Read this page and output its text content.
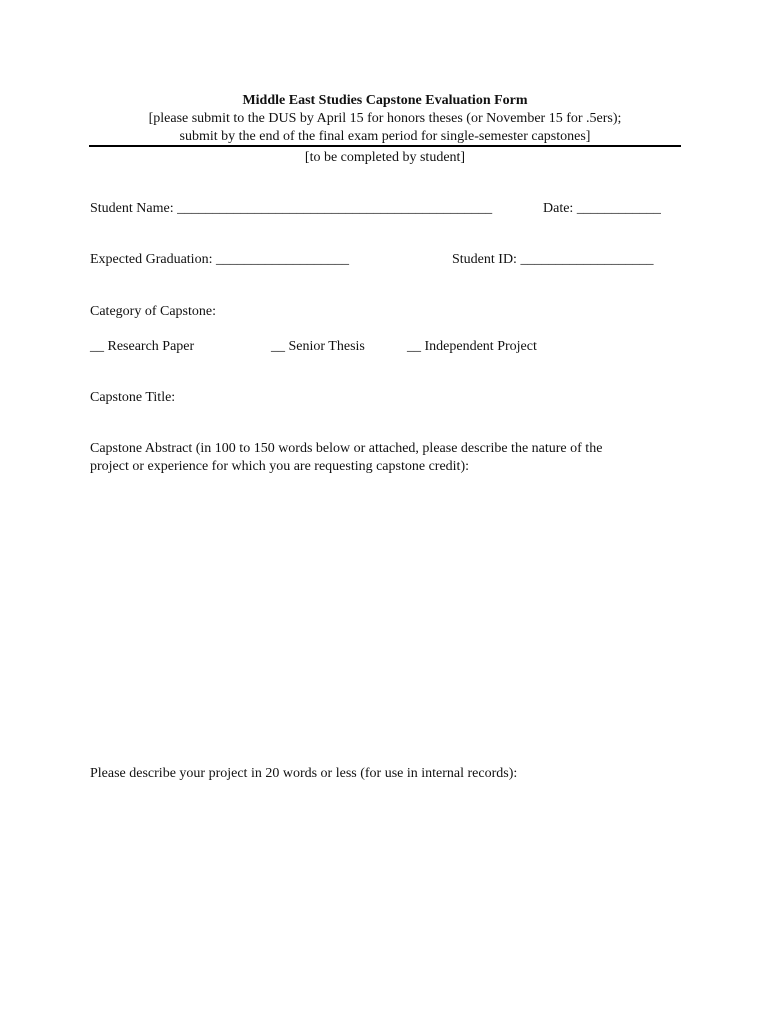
Middle East Studies Capstone Evaluation Form
[please submit to the DUS by April 15 for honors theses (or November 15 for .5ers);
submit by the end of the final exam period for single-semester capstones]
[to be completed by student]
Student Name: _____________________________________________	Date: ____________
Expected Graduation: ___________________	Student ID: ___________________
Category of Capstone:
__ Research Paper	__ Senior Thesis	__ Independent Project
Capstone Title:
Capstone Abstract (in 100 to 150 words below or attached, please describe the nature of the
project or experience for which you are requesting capstone credit):
Please describe your project in 20 words or less (for use in internal records):
